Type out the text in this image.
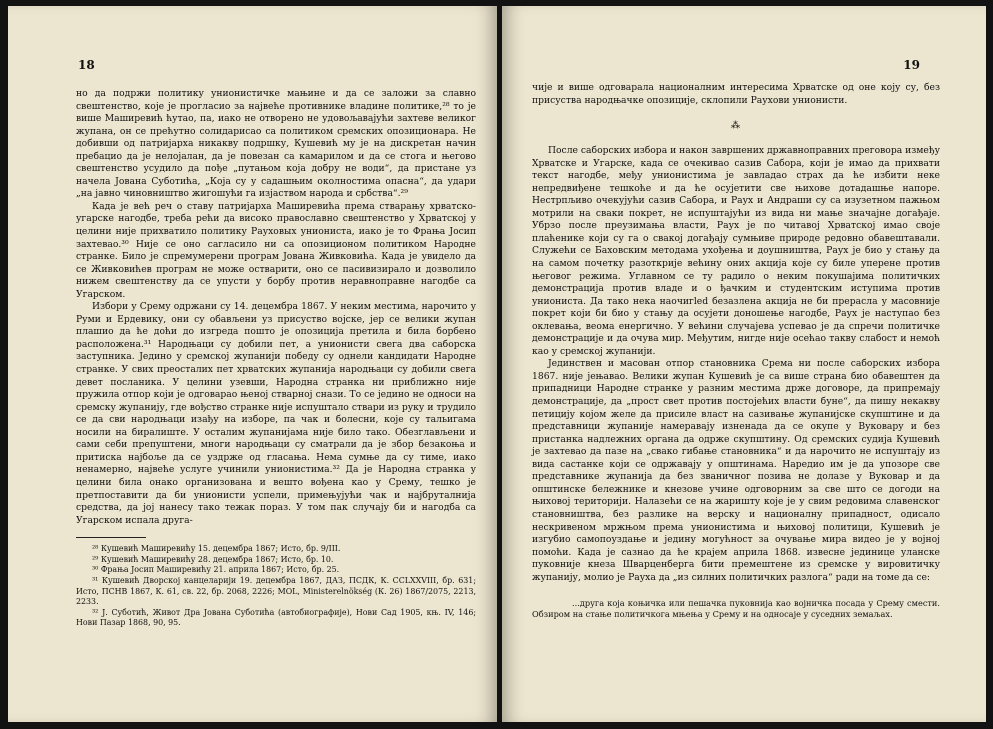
18

но да подржи политику унионистичке мањине и да се заложи за славно свештенство, које је прогласио за највеће противнике владине политике,²⁸ то је више Маширевић ћутао, па, иако не отворено не удовољавајући захтеве великог жупана, он се прећутно солидарисао са политиком сремских опозиционара. Не добивши од патријарха никакву подршку, Кушевић му је на дискретан начин пребацио да је нелојалан, да је повезан са камарилом и да се стога и његово свештенство усудило да пође „путањом која добру не води“, да пристане уз начела Јована Суботића, „Која су у садашњим околностима опасна“, да удари „на јавно чиновништво жигошући га изјаством народа и србства“.²⁹

Када је већ реч о ставу патријарха Маширевића према стварању хрватско-угарске нагодбе, треба рећи да високо православно свештенство у Хрватској у целини није прихватило политику Рауховых униониста, иако је то Фрања Јосип захтевао.³⁰ Није се оно сагласило ни са опозиционом политиком Народне странке. Било је спремумерени програм Јована Живковића. Када је увидело да се Живковићев програм не може остварити, оно се пасивизирало и дозволило нижем свештенству да се упусти у борбу против неравноправне нагодбе са Угарском.

Избори у Срему одржани су 14. децембра 1867. У неким местима, нарочито у Руми и Ердевику, они су обављени уз присуство војске, јер се велики жупан плашио да ће доћи до изгреда пошто је опозиција претила и била борбено расположена.³¹ Народњаци су добили пет, а унионисти свега два саборска заступника. Једино у сремској жупанији победу су однели кандидати Народне странке. У свих преосталих пет хрватских жупанија народњаци су добили свега девет посланика. У целини узевши, Народна странка ни приближно није пружила отпор који је одговарао њеној стварној снази. То се једино не односи на сремску жупанију, где вођство странке није испуштало ствари из руку и трудило се да сви народњаци изађу на изборе, па чак и болесни, које су тальигама носили на биралиште. У осталим жупанијама није било тако. Обезглављени и сами себи препуштени, многи народњаци су сматрали да је збор безакоња и притиска најбоље да се уздрже од гласања. Нема сумње да су тиме, иако ненамерно, највеће услуге учинили унионистима.³² Да је Народна странка у целини била онако организована и вешто вођена као у Срему, тешко је претпоставити да би унионисти успели, примењујући чак и најбруталнија средства, да јој нанесу тако тежак пораз. У том пак случају би и нагодба са Угарском испала друга-

²⁸ Кушевић Маширевићу 15. децембра 1867; Исто, бр. 9/III.

²⁹ Кушевић Маширевићу 28. децембра 1867; Исто, бр. 10.

³⁰ Фрања Јосип Маширевићу 21. априла 1867; Исто, бр. 25.

³¹ Кушевић Дворској канцеларији 19. децембра 1867, ДАЗ, ПСДК, К. CCLXXVIII, бр. 631; Исто, ПСНВ 1867, К. 61, св. 22, бр. 2068, 2226; MOL, Ministerelnökség (К. 26) 1867/2075, 2213, 2233.

³² Ј. Суботић, Живот Дра Јована Суботића (автобиографије), Нови Сад 1905, књ. IV, 146; Нови Пазар 1868, 90, 95.

19

чије и више одговарала националним интересима Хрватске од оне коју су, без присуства народњачке опозиције, склопили Раухови унионисти.

⁂

После саборских избора и након завршених државноправних преговора између Хрватске и Угарске, када се очекивао сазив Сабора, који је имао да прихвати текст нагодбе, међу унионистима је завладао страх да ће избити неке непредвиђене тешкоће и да ће осујетити све њихове дотадашње напоре. Нестрпљиво очекујући сазив Сабора, и Раух и Андраши су са изузетном пажњом мотрили на сваки покрет, не испуштајући из вида ни мање значајне догађаје. Убрзо после преузимања власти, Раух је по читавој Хрватској имао своје плаћенике који су га о свакој догађају сумњиве природе редовно обавештавали. Служећи се Баховским методама ухођења и доушништва, Раух је био у стању да на самом почетку разоткрије већину оних акција које су биле уперене против његовог режима. Углавном се ту радило о неким покушајима политичких демонстрација против владе и о ђачким и студентским иступима против униониста. Да тако нека наочигled безазлена акција не би прерасла у масовније покрет који би био у стању да осујети доношење нагодбе, Раух је наступао без оклевања, веома енергично. У већини случајева успевао је да спречи политичке демонстрације и да очува мир. Међутим, нигде није осећао такву слабост и немоћ као у сремској жупанији.

Јединствен и масован отпор становника Срема ни после саборских избора 1867. није јењавао. Велики жупан Кушевић је са више страна био обавештен да припадници Народне странке у разним местима држе договоре, да припремају демонстрације, да „прост свет против постојећих власти буне“, да пишу некакву петицију којом желе да присиле власт на сазивање жупанијске скупштине и да представници жупаније намеравају изненада да се окупе у Вуковару и без пристанка надлежних органа да одрже скупштину. Од сремских судија Кушевић је захтевао да пазе на „свако гибање становника“ и да нарочито не испуштају из вида састанке који се одржавају у општинама. Наредио им је да упозоре све представнике жупанија да без званичног позива не долазе у Вуковар и да општинске бележнике и кнезове учине одговорним за све што се догоди на њиховој територији. Налазећи се на жаришту које је у свим редовима славенског становништва, без разлике на верску и националну припадност, одисало нескривеном мржњом према унионистима и њиховој политици, Кушевић је изгубио самопоуздање и једину могућност за очување мира видео је у војној помоћи. Када је сазнао да ће крајем априла 1868. извесне јединице уланске пуковније кнеза Шварценберга бити премештене из сремске у вировитичку жупанију, молио је Рауха да „из силних политичких разлога“ ради на томе да се:

...друга која коњичка или пешачка пуковнија као војничка посада у Срему смести. Обзиром на стање политичкога мњења у Срему и на односаје у суседних земаљах.
